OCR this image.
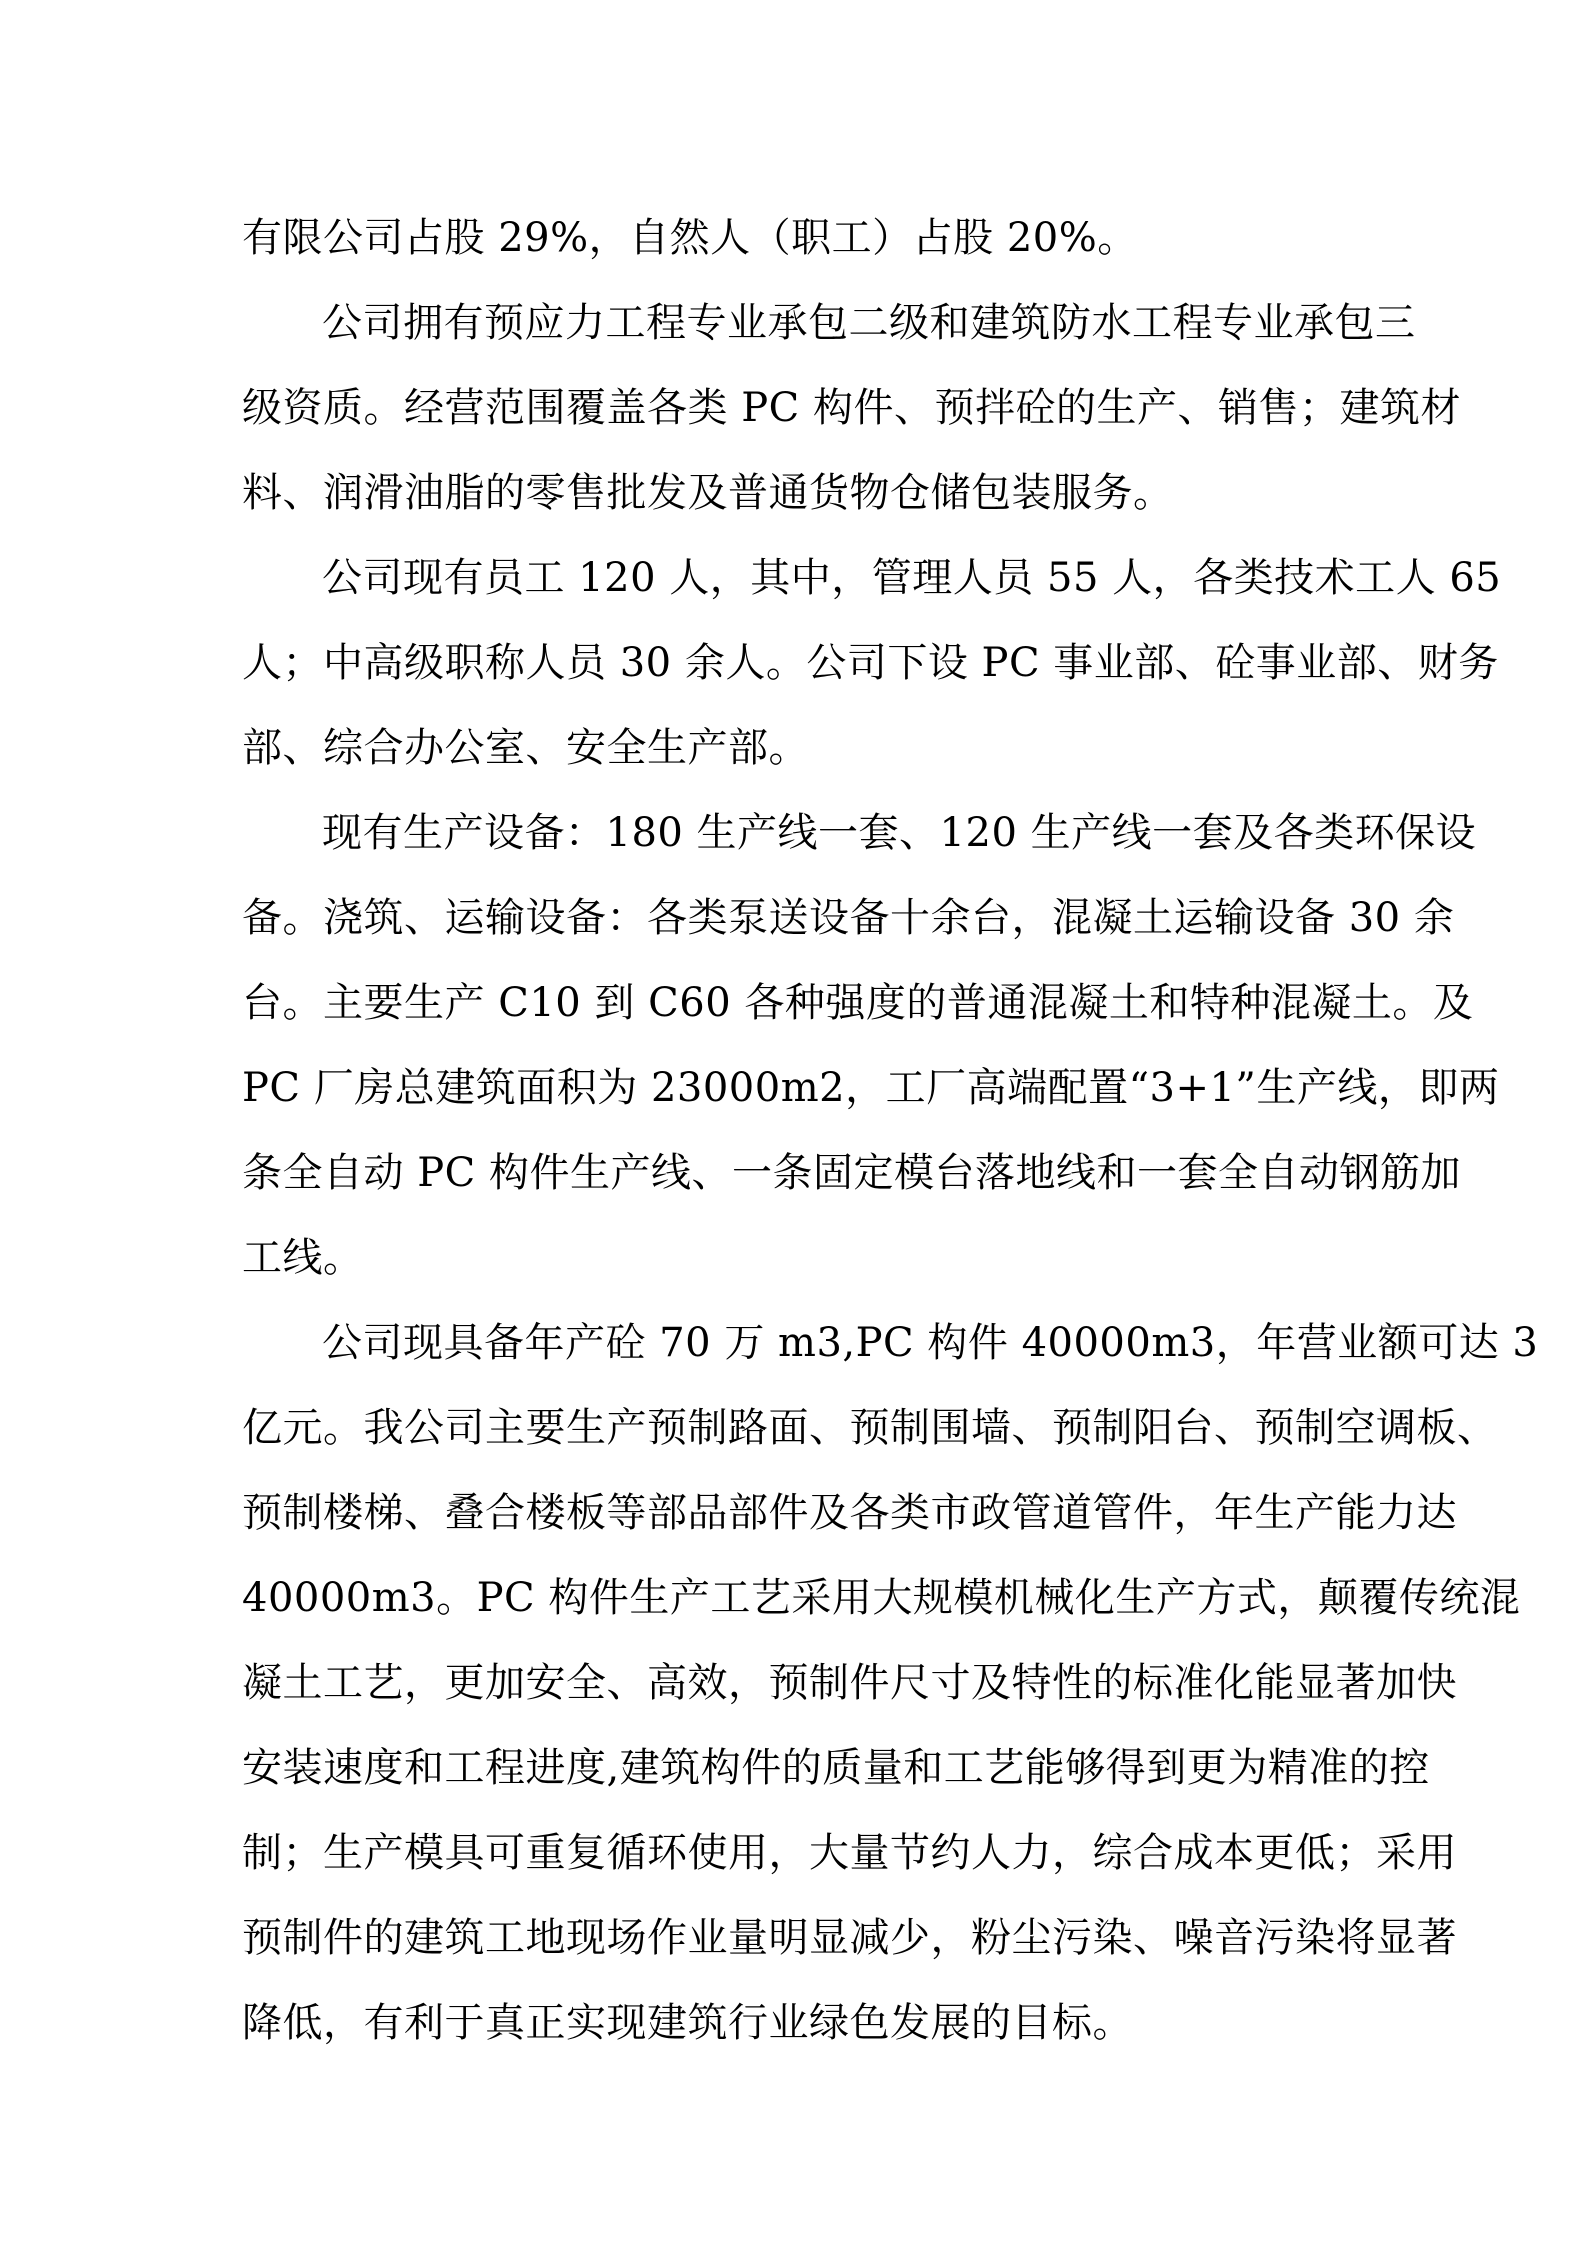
有限公司占股 29%，自然人（职工）占股 20%。
公司拥有预应力工程专业承包二级和建筑防水工程专业承包三
级资质。经营范围覆盖各类 PC 构件、预拌砼的生产、销售；建筑材
料、润滑油脂的零售批发及普通货物仓储包装服务。
公司现有员工 120 人，其中，管理人员 55 人，各类技术工人 65
人；中高级职称人员 30 余人。公司下设 PC 事业部、砼事业部、财务
部、综合办公室、安全生产部。
现有生产设备：180 生产线一套、120 生产线一套及各类环保设
备。浇筑、运输设备：各类泵送设备十余台，混凝土运输设备 30 余
台。主要生产 C10 到 C60 各种强度的普通混凝土和特种混凝土。及
PC 厂房总建筑面积为 23000m2，工厂高端配置“3+1”生产线，即两
条全自动 PC 构件生产线、一条固定模台落地线和一套全自动钢筋加
工线。
公司现具备年产砼 70 万 m3,PC 构件 40000m3，年营业额可达 3
亿元。我公司主要生产预制路面、预制围墙、预制阳台、预制空调板、
预制楼梯、叠合楼板等部品部件及各类市政管道管件，年生产能力达
40000m3。PC 构件生产工艺采用大规模机械化生产方式，颠覆传统混
凝土工艺，更加安全、高效，预制件尺寸及特性的标准化能显著加快
安装速度和工程进度,建筑构件的质量和工艺能够得到更为精准的控
制；生产模具可重复循环使用，大量节约人力，综合成本更低；采用
预制件的建筑工地现场作业量明显减少，粉尘污染、噪音污染将显著
降低，有利于真正实现建筑行业绿色发展的目标。
